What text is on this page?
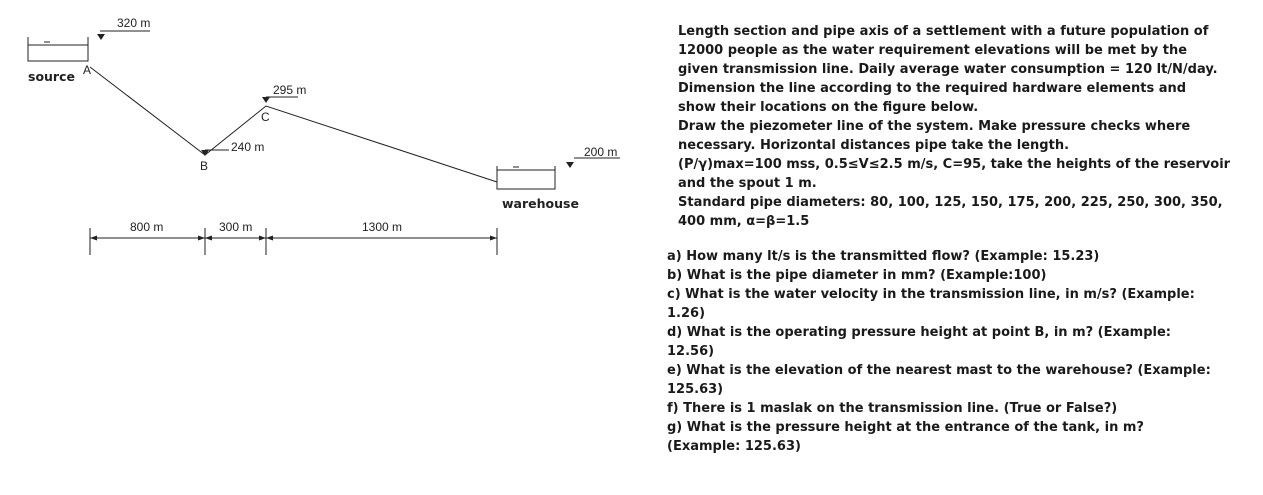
source
320 m
A
B
C
295 m
240 m
warehouse
200 m
800 m	300 m	1300 m
Length section and pipe axis of a settlement with a future population of
12000 people as the water requirement elevations will be met by the
given transmission line. Daily average water consumption = 120 lt/N/day.
Dimension the line according to the required hardware elements and
show their locations on the figure below.
Draw the piezometer line of the system. Make pressure checks where
necessary. Horizontal distances pipe take the length.
(P/γ)max=100 mss, 0.5≤V≤2.5 m/s, C=95, take the heights of the reservoir
and the spout 1 m.
Standard pipe diameters: 80, 100, 125, 150, 175, 200, 225, 250, 300, 350,
400 mm, α=β=1.5
a) How many lt/s is the transmitted flow? (Example: 15.23)
b) What is the pipe diameter in mm? (Example:100)
c) What is the water velocity in the transmission line, in m/s? (Example:
1.26)
d) What is the operating pressure height at point B, in m? (Example:
12.56)
e) What is the elevation of the nearest mast to the warehouse? (Example:
125.63)
f) There is 1 maslak on the transmission line. (True or False?)
g) What is the pressure height at the entrance of the tank, in m?
(Example: 125.63)
